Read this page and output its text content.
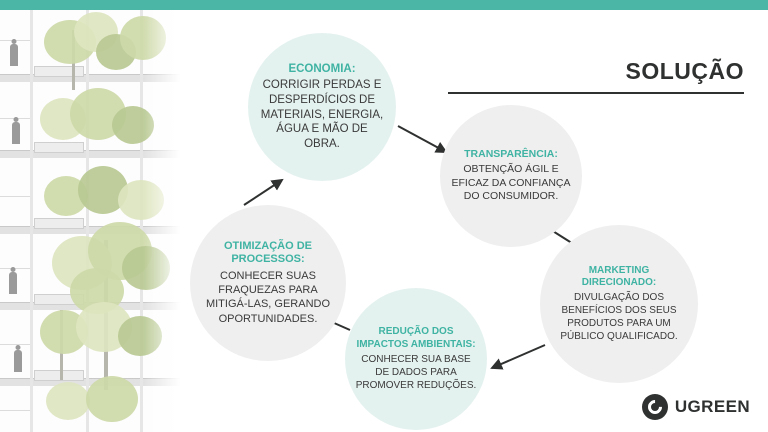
SOLUÇÃO
ECONOMIA:
CORRIGIR PERDAS E DESPERDÍCIOS DE MATERIAIS, ENERGIA, ÁGUA E MÃO DE OBRA.
TRANSPARÊNCIA:
OBTENÇÃO ÁGIL E EFICAZ DA CONFIANÇA DO CONSUMIDOR.
MARKETING DIRECIONADO:
DIVULGAÇÃO DOS BENEFÍCIOS DOS SEUS PRODUTOS PARA UM PÚBLICO QUALIFICADO.
REDUÇÃO DOS IMPACTOS AMBIENTAIS:
CONHECER SUA BASE DE DADOS PARA PROMOVER REDUÇÕES.
OTIMIZAÇÃO DE PROCESSOS:
CONHECER SUAS FRAQUEZAS PARA MITIGÁ-LAS, GERANDO OPORTUNIDADES.
UGREEN
